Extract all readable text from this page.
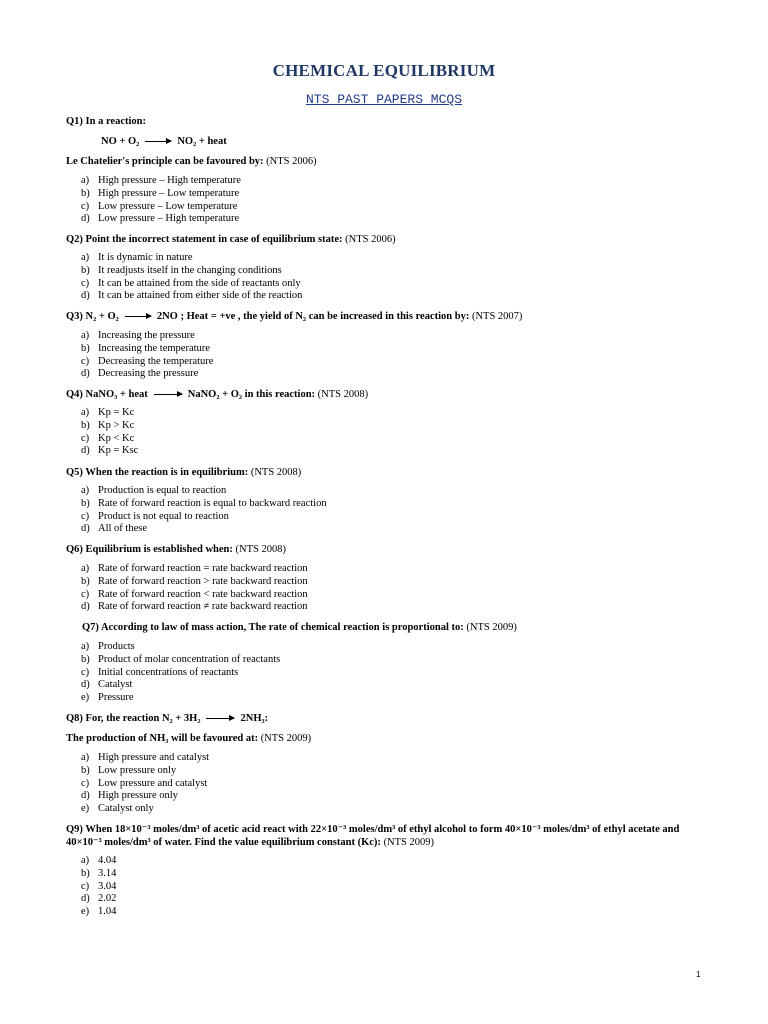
CHEMICAL EQUILIBRIUM
NTS PAST PAPERS MCQS
Q1) In a reaction:
NO + O₂ → NO₂ + heat
Le Chatelier's principle can be favoured by: (NTS 2006)
a) High pressure – High temperature
b) High pressure – Low temperature
c) Low pressure – Low temperature
d) Low pressure – High temperature
Q2) Point the incorrect statement in case of equilibrium state: (NTS 2006)
a) It is dynamic in nature
b) It readjusts itself in the changing conditions
c) It can be attained from the side of reactants only
d) It can be attained from either side of the reaction
Q3) N₂ + O₂ → 2NO ; Heat = +ve , the yield of N₂ can be increased in this reaction by: (NTS 2007)
a) Increasing the pressure
b) Increasing the temperature
c) Decreasing the temperature
d) Decreasing the pressure
Q4) NaNO₃ + heat → NaNO₂ + O₂ in this reaction: (NTS 2008)
a) Kp = Kc
b) Kp > Kc
c) Kp < Kc
d) Kp = Ksc
Q5) When the reaction is in equilibrium: (NTS 2008)
a) Production is equal to reaction
b) Rate of forward reaction is equal to backward reaction
c) Product is not equal to reaction
d) All of these
Q6) Equilibrium is established when: (NTS 2008)
a) Rate of forward reaction = rate backward reaction
b) Rate of forward reaction > rate backward reaction
c) Rate of forward reaction < rate backward reaction
d) Rate of forward reaction ≠ rate backward reaction
Q7) According to law of mass action, The rate of chemical reaction is proportional to: (NTS 2009)
a) Products
b) Product of molar concentration of reactants
c) Initial concentrations of reactants
d) Catalyst
e) Pressure
Q8) For, the reaction N₂ + 3H₂ → 2NH₃:
The production of NH₃ will be favoured at: (NTS 2009)
a) High pressure and catalyst
b) Low pressure only
c) Low pressure and catalyst
d) High pressure only
e) Catalyst only
Q9) When 18×10⁻³ moles/dm³ of acetic acid react with 22×10⁻³ moles/dm³ of ethyl alcohol to form 40×10⁻³ moles/dm³ of ethyl acetate and 40×10⁻³ moles/dm³ of water. Find the value equilibrium constant (Kc): (NTS 2009)
a) 4.04
b) 3.14
c) 3.04
d) 2.02
e) 1.04
1
